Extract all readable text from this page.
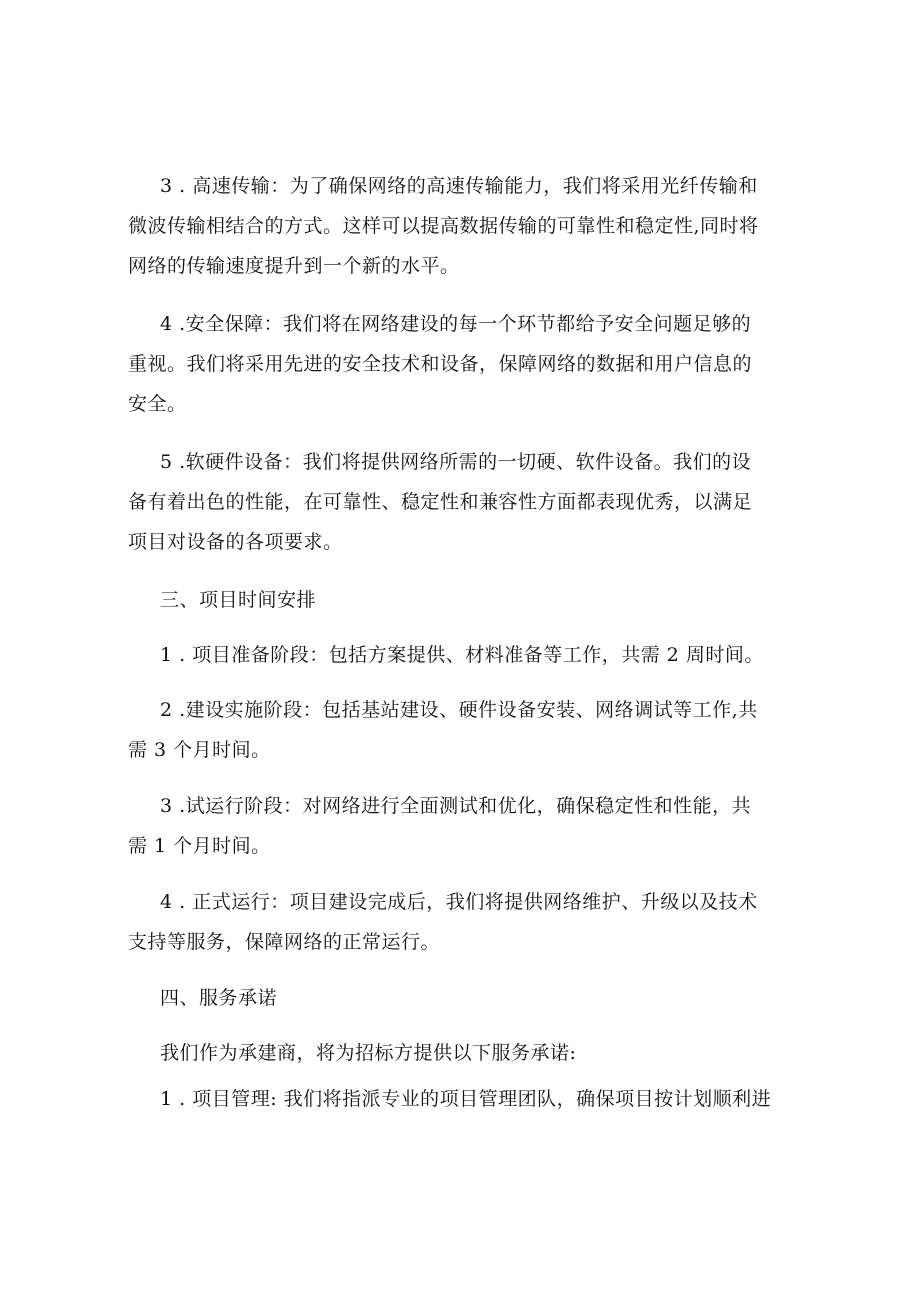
3 . 高速传输：为了确保网络的高速传输能力，我们将采用光纤传输和
微波传输相结合的方式。这样可以提高数据传输的可靠性和稳定性,同时将
网络的传输速度提升到一个新的水平。
4 .安全保障：我们将在网络建设的每一个环节都给予安全问题足够的
重视。我们将采用先进的安全技术和设备，保障网络的数据和用户信息的
安全。
5 .软硬件设备：我们将提供网络所需的一切硬、软件设备。我们的设
备有着出色的性能，在可靠性、稳定性和兼容性方面都表现优秀，以满足
项目对设备的各项要求。
三、项目时间安排
1 . 项目准备阶段：包括方案提供、材料准备等工作，共需 2 周时间。
2 .建设实施阶段：包括基站建设、硬件设备安装、网络调试等工作,共
需 3 个月时间。
3 .试运行阶段：对网络进行全面测试和优化，确保稳定性和性能，共
需 1 个月时间。
4 . 正式运行：项目建设完成后，我们将提供网络维护、升级以及技术
支持等服务，保障网络的正常运行。
四、服务承诺
我们作为承建商，将为招标方提供以下服务承诺:
1 . 项目管理: 我们将指派专业的项目管理团队，确保项目按计划顺利进
